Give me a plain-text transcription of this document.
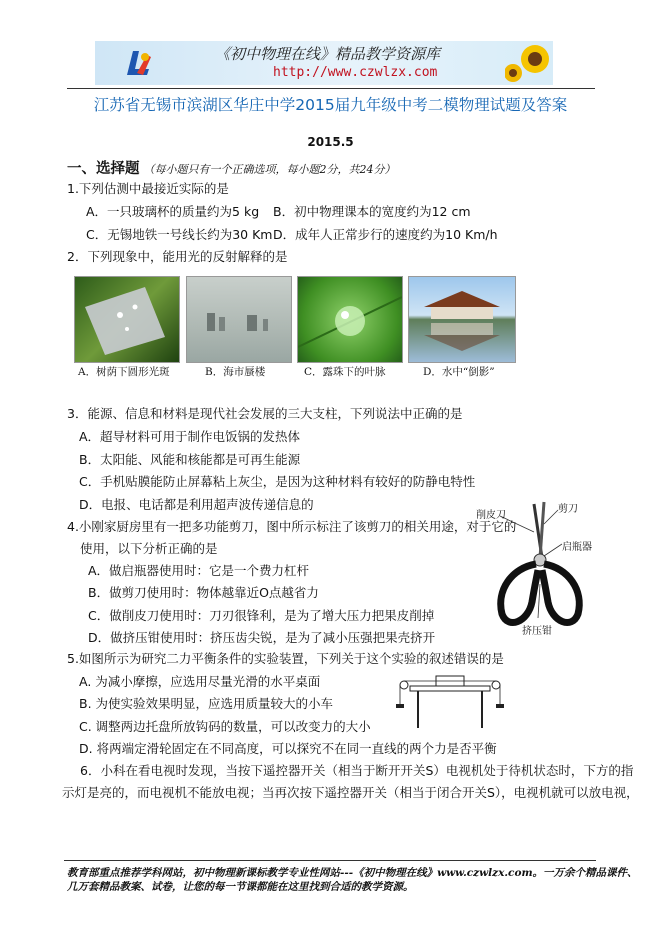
《初中物理在线》精品教学资源库
http://www.czwlzx.com
江苏省无锡市滨湖区华庄中学2015届九年级中考二模物理试题及答案
2015.5
一、选择题 （每小题只有一个正确选项，每小题2分，共24分）
1.下列估测中最接近实际的是
A．一只玻璃杯的质量约为5 kg B．初中物理课本的宽度约为12 cm
C．无锡地铁一号线长约为30 Km D．成年人正常步行的速度约为10 Km/h
2．下列现象中，能用光的反射解释的是
A．树荫下圆形光斑	B．海市蜃楼	C．露珠下的叶脉	D．水中“倒影”
3．能源、信息和材料是现代社会发展的三大支柱，下列说法中正确的是
A．超导材料可用于制作电饭锅的发热体
B．太阳能、风能和核能都是可再生能源
C．手机贴膜能防止屏幕粘上灰尘，是因为这种材料有较好的防静电特性
D．电报、电话都是利用超声波传递信息的
4.小刚家厨房里有一把多功能剪刀，图中所示标注了该剪刀的相关用途，对于它的
使用，以下分析正确的是
A．做启瓶器使用时：它是一个费力杠杆
B．做剪刀使用时：物体越靠近O点越省力
C．做削皮刀使用时：刀刃很锋利，是为了增大压力把果皮削掉
D．做挤压钳使用时：挤压齿尖锐，是为了减小压强把果壳挤开
削皮刀
剪刀
启瓶器
挤压钳
5.如图所示为研究二力平衡条件的实验装置，下列关于这个实验的叙述错误的是
A. 为减小摩擦，应选用尽量光滑的水平桌面
B. 为使实验效果明显，应选用质量较大的小车
C. 调整两边托盘所放钩码的数量，可以改变力的大小
D. 将两端定滑轮固定在不同高度，可以探究不在同一直线的两个力是否平衡
6．小科在看电视时发现，当按下遥控器开关（相当于断开开关S）电视机处于待机状态时，下方的指
示灯是亮的，而电视机不能放电视；当再次按下遥控器开关（相当于闭合开关S），电视机就可以放电视，
教育部重点推荐学科网站，初中物理新课标教学专业性网站---《初中物理在线》www.czwlzx.com。一万余个精品课件、
几万套精品教案、试卷，让您的每一节课都能在这里找到合适的教学资源。
